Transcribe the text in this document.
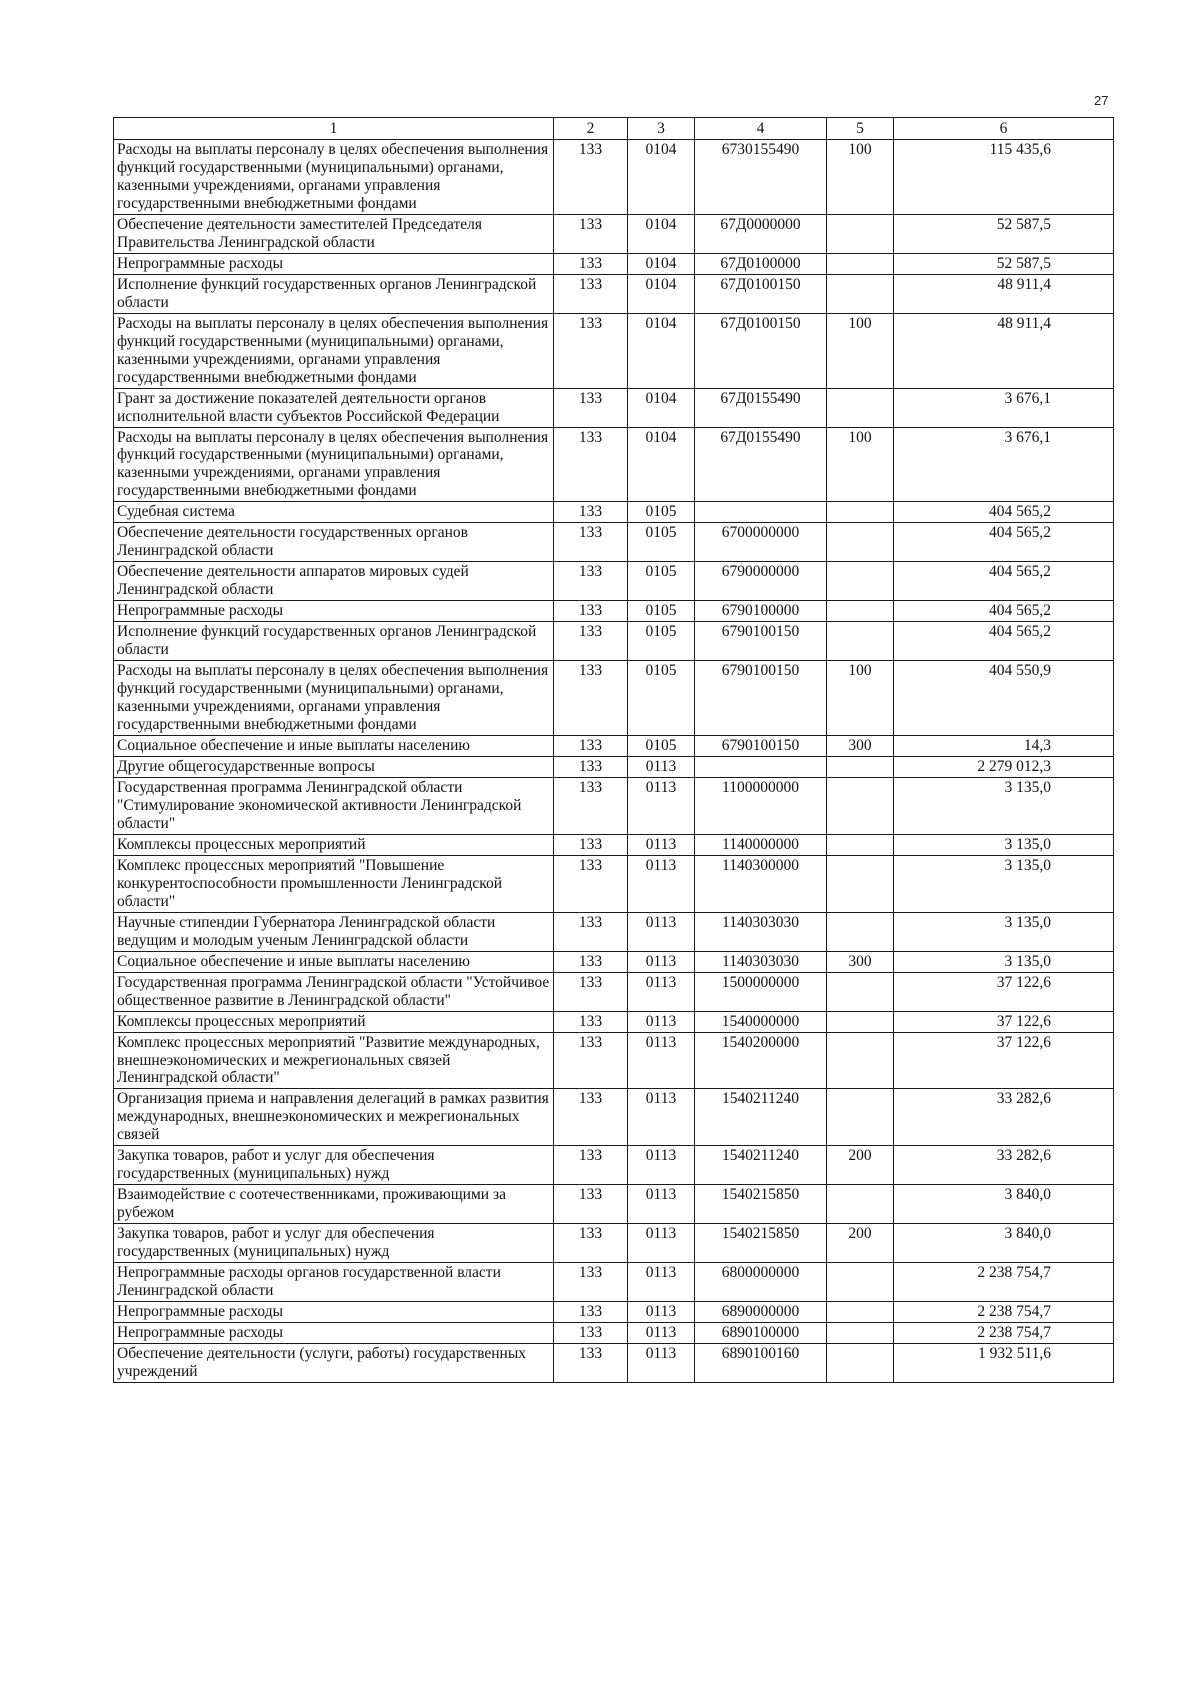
27
1	2	3	4	5	6
Расходы на выплаты персоналу в целях обеспечения выполнения функций государственными (муниципальными) органами, казенными учреждениями, органами управления государственными внебюджетными фондами	133	0104	6730155490	100	115 435,6
Обеспечение деятельности заместителей Председателя Правительства Ленинградской области	133	0104	67Д0000000		52 587,5
Непрограммные расходы	133	0104	67Д0100000		52 587,5
Исполнение функций государственных органов Ленинградской области	133	0104	67Д0100150		48 911,4
Расходы на выплаты персоналу в целях обеспечения выполнения функций государственными (муниципальными) органами, казенными учреждениями, органами управления государственными внебюджетными фондами	133	0104	67Д0100150	100	48 911,4
Грант за достижение показателей деятельности органов исполнительной власти субъектов Российской Федерации	133	0104	67Д0155490		3 676,1
Расходы на выплаты персоналу в целях обеспечения выполнения функций государственными (муниципальными) органами, казенными учреждениями, органами управления государственными внебюджетными фондами	133	0104	67Д0155490	100	3 676,1
Судебная система	133	0105			404 565,2
Обеспечение деятельности государственных органов Ленинградской области	133	0105	6700000000		404 565,2
Обеспечение деятельности аппаратов мировых судей Ленинградской области	133	0105	6790000000		404 565,2
Непрограммные расходы	133	0105	6790100000		404 565,2
Исполнение функций государственных органов Ленинградской области	133	0105	6790100150		404 565,2
Расходы на выплаты персоналу в целях обеспечения выполнения функций государственными (муниципальными) органами, казенными учреждениями, органами управления государственными внебюджетными фондами	133	0105	6790100150	100	404 550,9
Социальное обеспечение и иные выплаты населению	133	0105	6790100150	300	14,3
Другие общегосударственные вопросы	133	0113			2 279 012,3
Государственная программа Ленинградской области "Стимулирование экономической активности Ленинградской области"	133	0113	1100000000		3 135,0
Комплексы процессных мероприятий	133	0113	1140000000		3 135,0
Комплекс процессных мероприятий "Повышение конкурентоспособности промышленности Ленинградской области"	133	0113	1140300000		3 135,0
Научные стипендии Губернатора Ленинградской области ведущим и молодым ученым Ленинградской области	133	0113	1140303030		3 135,0
Социальное обеспечение и иные выплаты населению	133	0113	1140303030	300	3 135,0
Государственная программа Ленинградской области "Устойчивое общественное развитие в Ленинградской области"	133	0113	1500000000		37 122,6
Комплексы процессных мероприятий	133	0113	1540000000		37 122,6
Комплекс процессных мероприятий "Развитие международных, внешнеэкономических и межрегиональных связей Ленинградской области"	133	0113	1540200000		37 122,6
Организация приема и направления делегаций в рамках развития международных, внешнеэкономических и межрегиональных связей	133	0113	1540211240		33 282,6
Закупка товаров, работ и услуг для обеспечения государственных (муниципальных) нужд	133	0113	1540211240	200	33 282,6
Взаимодействие с соотечественниками, проживающими за рубежом	133	0113	1540215850		3 840,0
Закупка товаров, работ и услуг для обеспечения государственных (муниципальных) нужд	133	0113	1540215850	200	3 840,0
Непрограммные расходы органов государственной власти Ленинградской области	133	0113	6800000000		2 238 754,7
Непрограммные расходы	133	0113	6890000000		2 238 754,7
Непрограммные расходы	133	0113	6890100000		2 238 754,7
Обеспечение деятельности (услуги, работы) государственных учреждений	133	0113	6890100160		1 932 511,6
